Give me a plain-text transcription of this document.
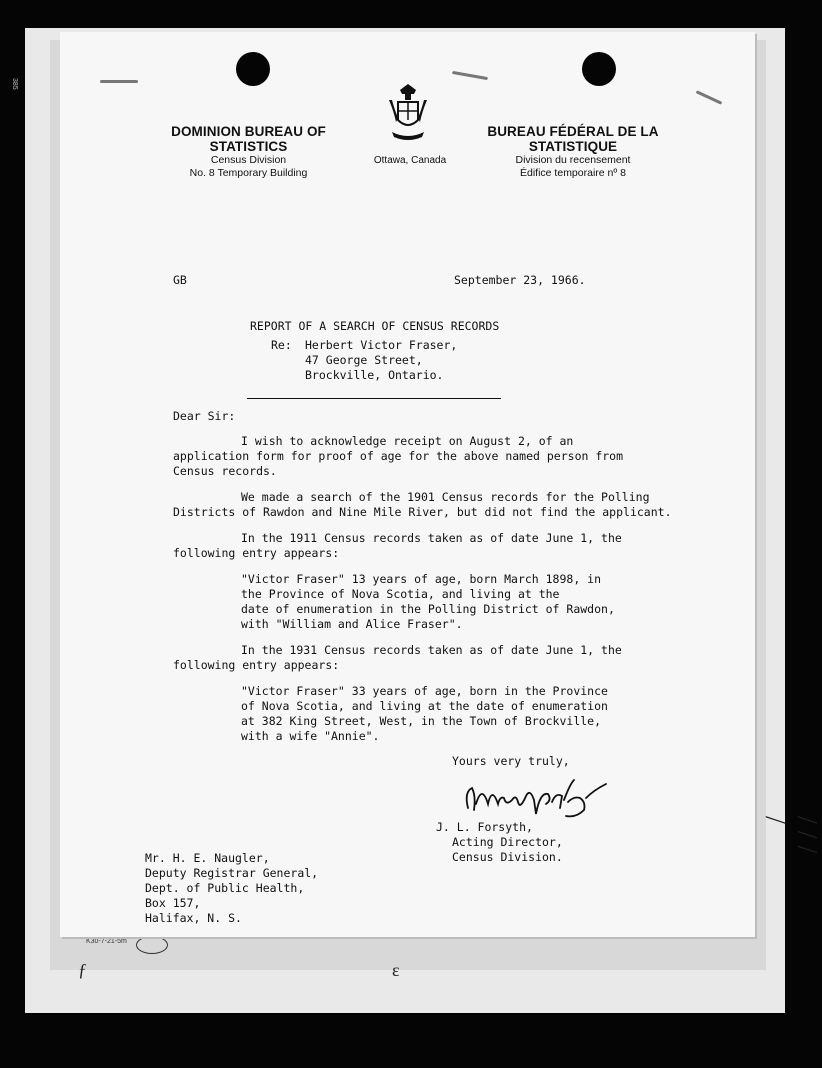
K30-7-21-5m
385
ƒ	ɛ
/ / / /
DOMINION BUREAU OF STATISTICS
Census Division
No. 8 Temporary Building
Ottawa, Canada
BUREAU FÉDÉRAL DE LA STATISTIQUE
Division du recensement
Édifice temporaire nº 8
GB	September 23, 1966.
REPORT OF A SEARCH OF CENSUS RECORDS
Re: Herbert Victor Fraser,
47 George Street,
Brockville, Ontario.
Dear Sir:
I wish to acknowledge receipt on August 2, of an
application form for proof of age for the above named person from
Census records.
We made a search of the 1901 Census records for the Polling
Districts of Rawdon and Nine Mile River, but did not find the applicant.
In the 1911 Census records taken as of date June 1, the
following entry appears:
"Victor Fraser" 13 years of age, born March 1898, in
the Province of Nova Scotia, and living at the
date of enumeration in the Polling District of Rawdon,
with "William and Alice Fraser".
In the 1931 Census records taken as of date June 1, the
following entry appears:
"Victor Fraser" 33 years of age, born in the Province
of Nova Scotia, and living at the date of enumeration
at 382 King Street, West, in the Town of Brockville,
with a wife "Annie".
Yours very truly,
J. L. Forsyth,
Acting Director,
Census Division.
Mr. H. E. Naugler,
Deputy Registrar General,
Dept. of Public Health,
Box 157,
Halifax, N. S.
